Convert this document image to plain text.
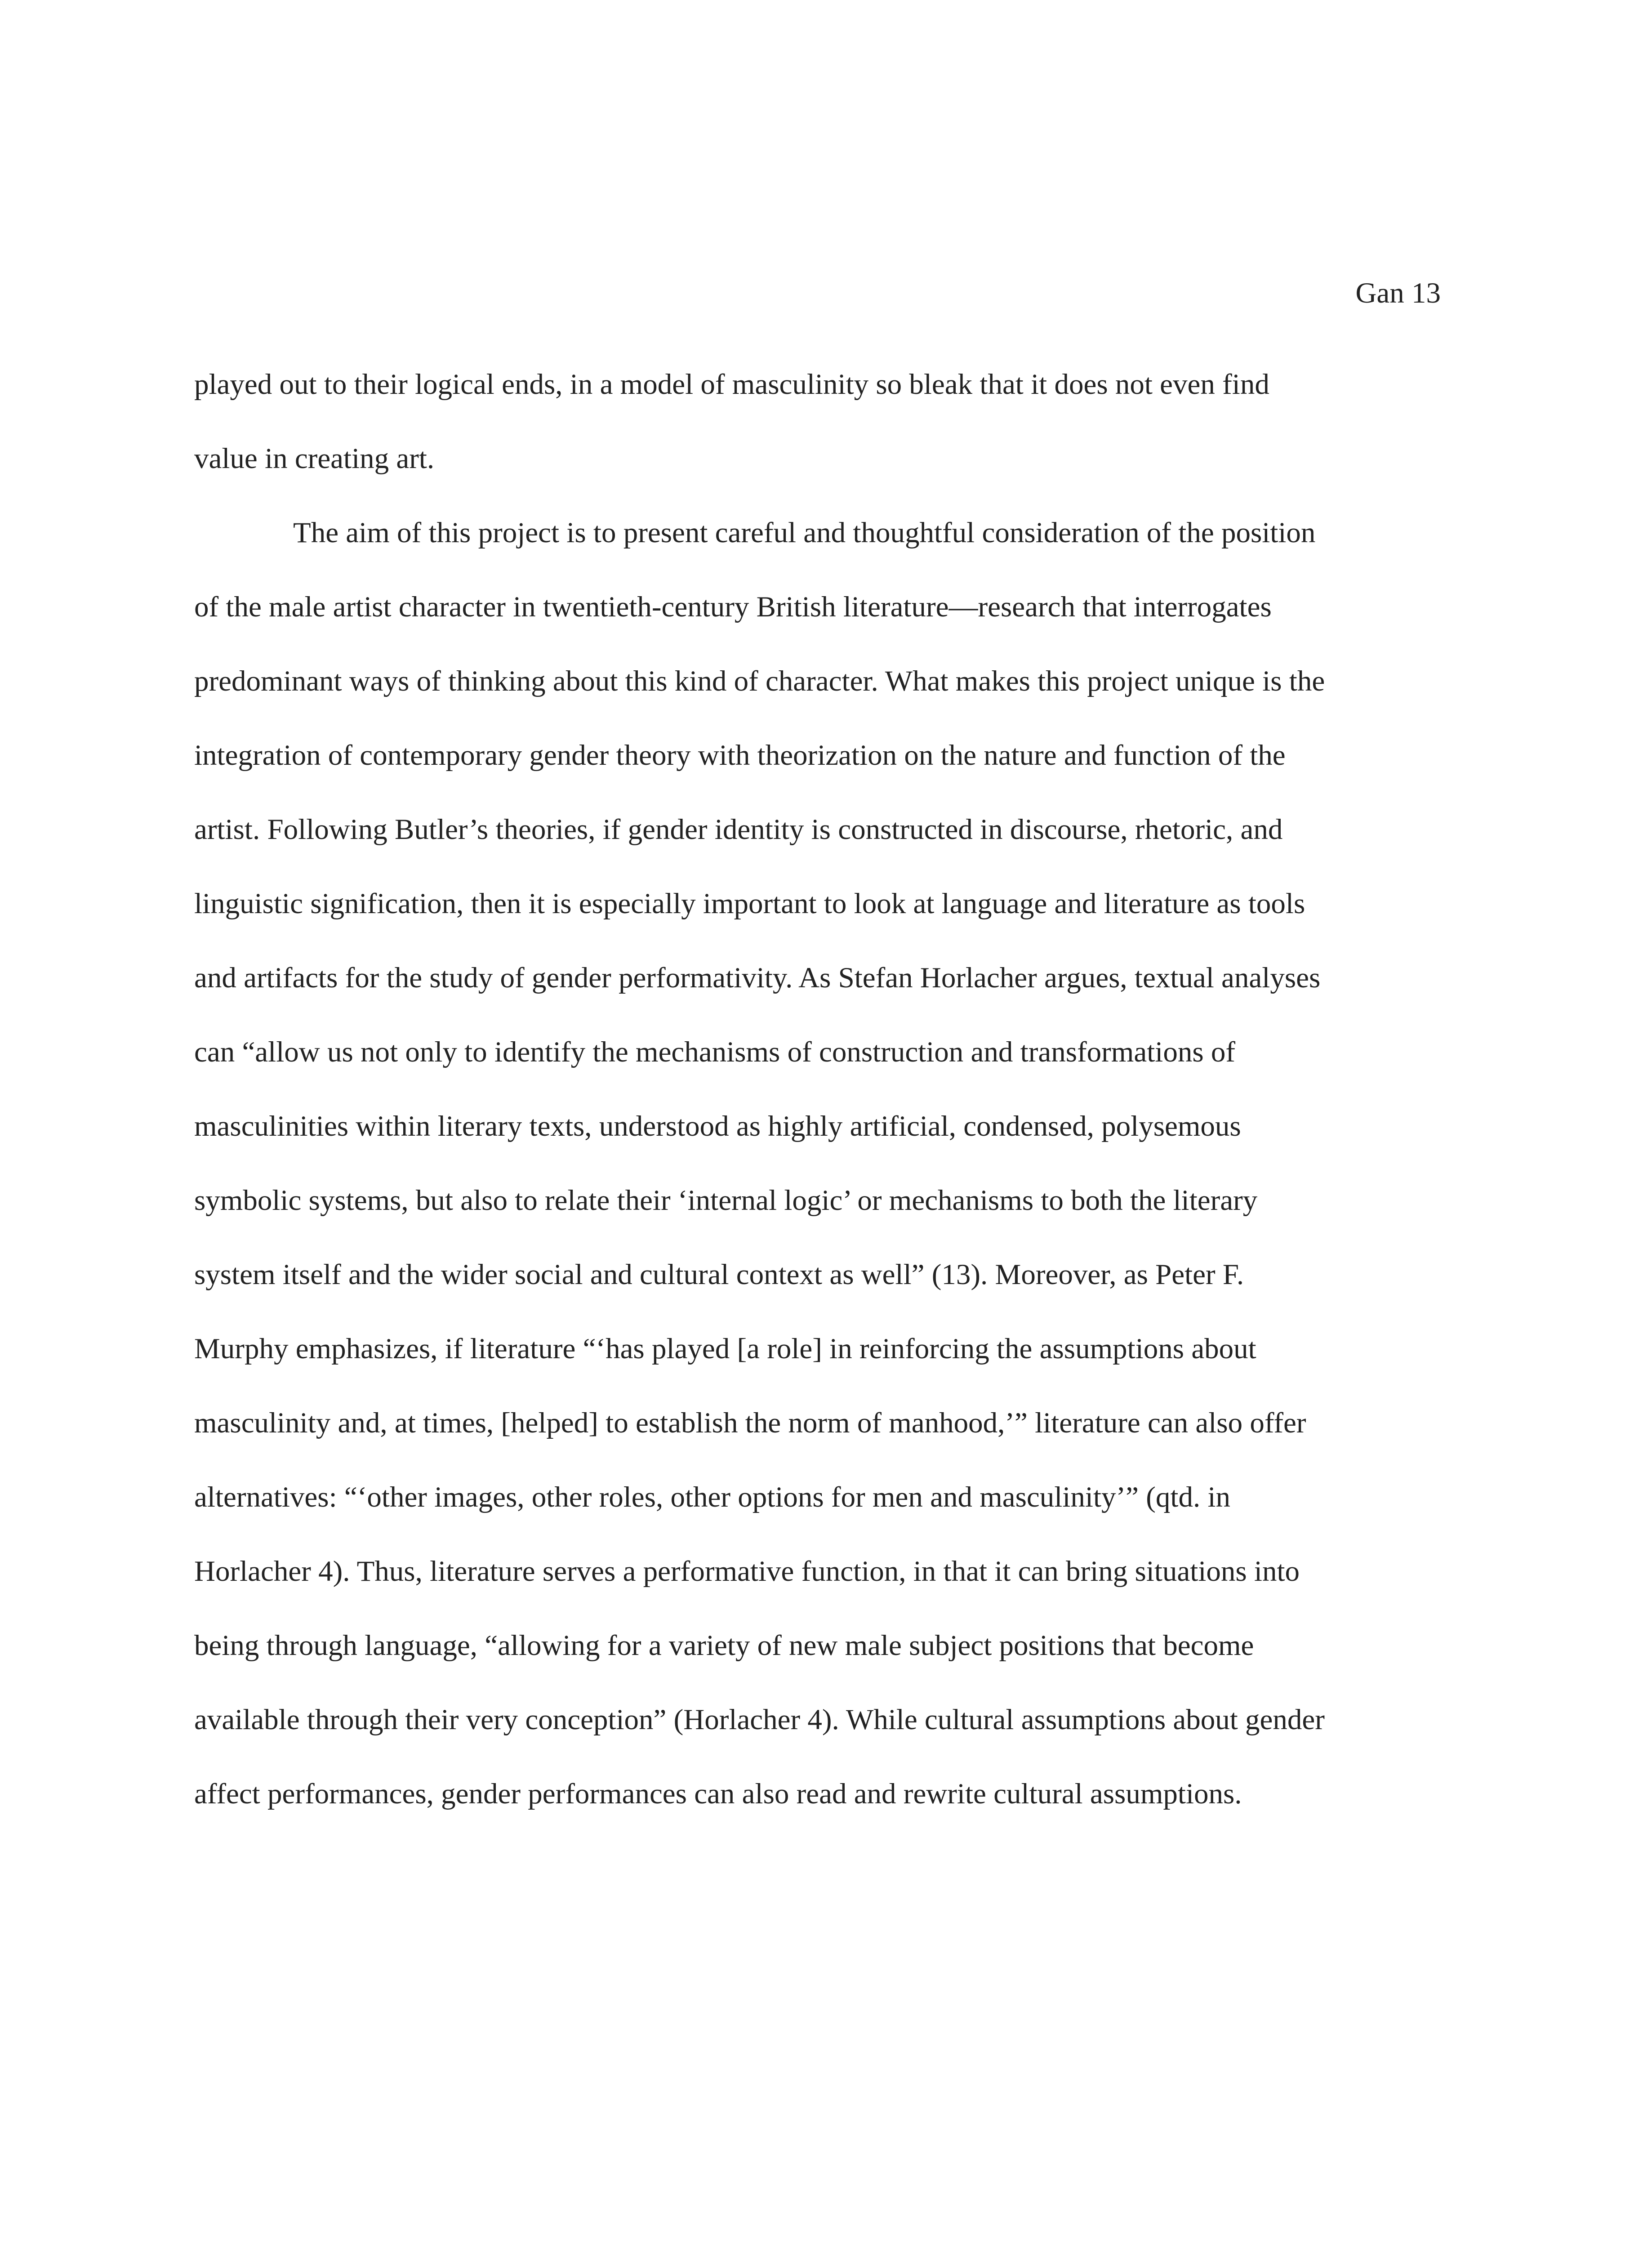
Gan 13
played out to their logical ends, in a model of masculinity so bleak that it does not even find
value in creating art.
The aim of this project is to present careful and thoughtful consideration of the position
of the male artist character in twentieth-century British literature—research that interrogates
predominant ways of thinking about this kind of character. What makes this project unique is the
integration of contemporary gender theory with theorization on the nature and function of the
artist. Following Butler’s theories, if gender identity is constructed in discourse, rhetoric, and
linguistic signification, then it is especially important to look at language and literature as tools
and artifacts for the study of gender performativity. As Stefan Horlacher argues, textual analyses
can “allow us not only to identify the mechanisms of construction and transformations of
masculinities within literary texts, understood as highly artificial, condensed, polysemous
symbolic systems, but also to relate their ‘internal logic’ or mechanisms to both the literary
system itself and the wider social and cultural context as well” (13). Moreover, as Peter F.
Murphy emphasizes, if literature “‘has played [a role] in reinforcing the assumptions about
masculinity and, at times, [helped] to establish the norm of manhood,’” literature can also offer
alternatives: “‘other images, other roles, other options for men and masculinity’” (qtd. in
Horlacher 4). Thus, literature serves a performative function, in that it can bring situations into
being through language, “allowing for a variety of new male subject positions that become
available through their very conception” (Horlacher 4). While cultural assumptions about gender
affect performances, gender performances can also read and rewrite cultural assumptions.
